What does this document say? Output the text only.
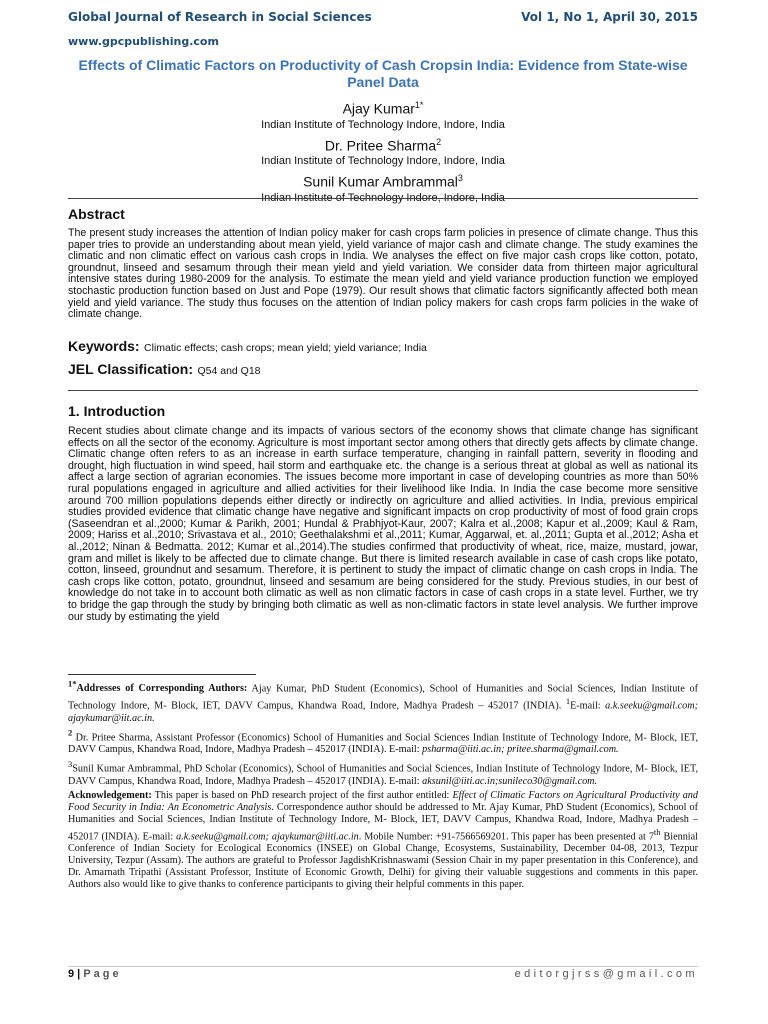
Global Journal of Research in Social Sciences	Vol 1, No 1, April 30, 2015
www.gpcpublishing.com
Effects of Climatic Factors on Productivity of Cash Cropsin India: Evidence from State-wise Panel Data
Ajay Kumar$^{1*}$
Indian Institute of Technology Indore, Indore, India
Dr. Pritee Sharma$^2$
Indian Institute of Technology Indore, Indore, India
Sunil Kumar Ambrammal$^3$
Indian Institute of Technology Indore, Indore, India
Abstract
The present study increases the attention of Indian policy maker for cash crops farm policies in presence of climate change. Thus this paper tries to provide an understanding about mean yield, yield variance of major cash and climate change. The study examines the climatic and non climatic effect on various cash crops in India. We analyses the effect on five major cash crops like cotton, potato, groundnut, linseed and sesamum through their mean yield and yield variation. We consider data from thirteen major agricultural intensive states during 1980-2009 for the analysis. To estimate the mean yield and yield variance production function we employed stochastic production function based on Just and Pope (1979). Our result shows that climatic factors significantly affected both mean yield and yield variance. The study thus focuses on the attention of Indian policy makers for cash crops farm policies in the wake of climate change.
Keywords: Climatic effects; cash crops; mean yield; yield variance; India
JEL Classification: Q54 and Q18
1. Introduction
Recent studies about climate change and its impacts of various sectors of the economy shows that climate change has significant effects on all the sector of the economy. Agriculture is most important sector among others that directly gets affects by climate change. Climatic change often refers to as an increase in earth surface temperature, changing in rainfall pattern, severity in flooding and drought, high fluctuation in wind speed, hail storm and earthquake etc. the change is a serious threat at global as well as national its affect a large section of agrarian economies. The issues become more important in case of developing countries as more than 50% rural populations engaged in agriculture and allied activities for their livelihood like India. In India the case become more sensitive around 700 million populations depends either directly or indirectly on agriculture and allied activities. In India, previous empirical studies provided evidence that climatic change have negative and significant impacts on crop productivity of most of food grain crops (Saseendran et al.,2000; Kumar & Parikh, 2001; Hundal & Prabhjyot-Kaur, 2007; Kalra et al.,2008; Kapur et al.,2009; Kaul & Ram, 2009; Hariss et al.,2010; Srivastava et al., 2010; Geethalakshmi et al.,2011; Kumar, Aggarwal, et. al.,2011; Gupta et al.,2012; Asha et al.,2012; Ninan & Bedmatta. 2012; Kumar et al.,2014).The studies confirmed that productivity of wheat, rice, maize, mustard, jowar, gram and millet is likely to be affected due to climate change. But there is limited research available in case of cash crops like potato, cotton, linseed, groundnut and sesamum. Therefore, it is pertinent to study the impact of climatic change on cash crops in India. The cash crops like cotton, potato, groundnut, linseed and sesamum are being considered for the study. Previous studies, in our best of knowledge do not take in to account both climatic as well as non climatic factors in case of cash crops in a state level. Further, we try to bridge the gap through the study by bringing both climatic as well as non-climatic factors in state level analysis. We further improve our study by estimating the yield
$^{1*}$Addresses of Corresponding Authors: Ajay Kumar, PhD Student (Economics), School of Humanities and Social Sciences, Indian Institute of Technology Indore, M- Block, IET, DAVV Campus, Khandwa Road, Indore, Madhya Pradesh – 452017 (INDIA). $^1$E-mail: a.k.seeku@gmail.com; ajaykumar@iit.ac.in.
$^2$ Dr. Pritee Sharma, Assistant Professor (Economics) School of Humanities and Social Sciences Indian Institute of Technology Indore, M- Block, IET, DAVV Campus, Khandwa Road, Indore, Madhya Pradesh – 452017 (INDIA). E-mail: psharma@iiti.ac.in; pritee.sharma@gmail.com.
$^3$Sunil Kumar Ambrammal, PhD Scholar (Economics), School of Humanities and Social Sciences, Indian Institute of Technology Indore, M- Block, IET, DAVV Campus, Khandwa Road, Indore, Madhya Pradesh – 452017 (INDIA). E-mail: aksunil@iiti.ac.in;sunileco30@gmail.com.
Acknowledgement: This paper is based on PhD research project of the first author entitled: Effect of Climatic Factors on Agricultural Productivity and Food Security in India: An Econometric Analysis. Correspondence author should be addressed to Mr. Ajay Kumar, PhD Student (Economics), School of Humanities and Social Sciences, Indian Institute of Technology Indore, M- Block, IET, DAVV Campus, Khandwa Road, Indore, Madhya Pradesh –452017 (INDIA). E-mail: a.k.seeku@gmail.com; ajaykumar@iiti.ac.in. Mobile Number: +91-7566569201. This paper has been presented at 7th Biennial Conference of Indian Society for Ecological Economics (INSEE) on Global Change, Ecosystems, Sustainability, December 04-08, 2013, Tezpur University, Tezpur (Assam). The authors are grateful to Professor JagdishKrishnaswami (Session Chair in my paper presentation in this Conference), and Dr. Amarnath Tripathi (Assistant Professor, Institute of Economic Growth, Delhi) for giving their valuable suggestions and comments in this paper. Authors also would like to give thanks to conference participants to giving their helpful comments in this paper.
9 | Page	editorgjrss@gmail.com
